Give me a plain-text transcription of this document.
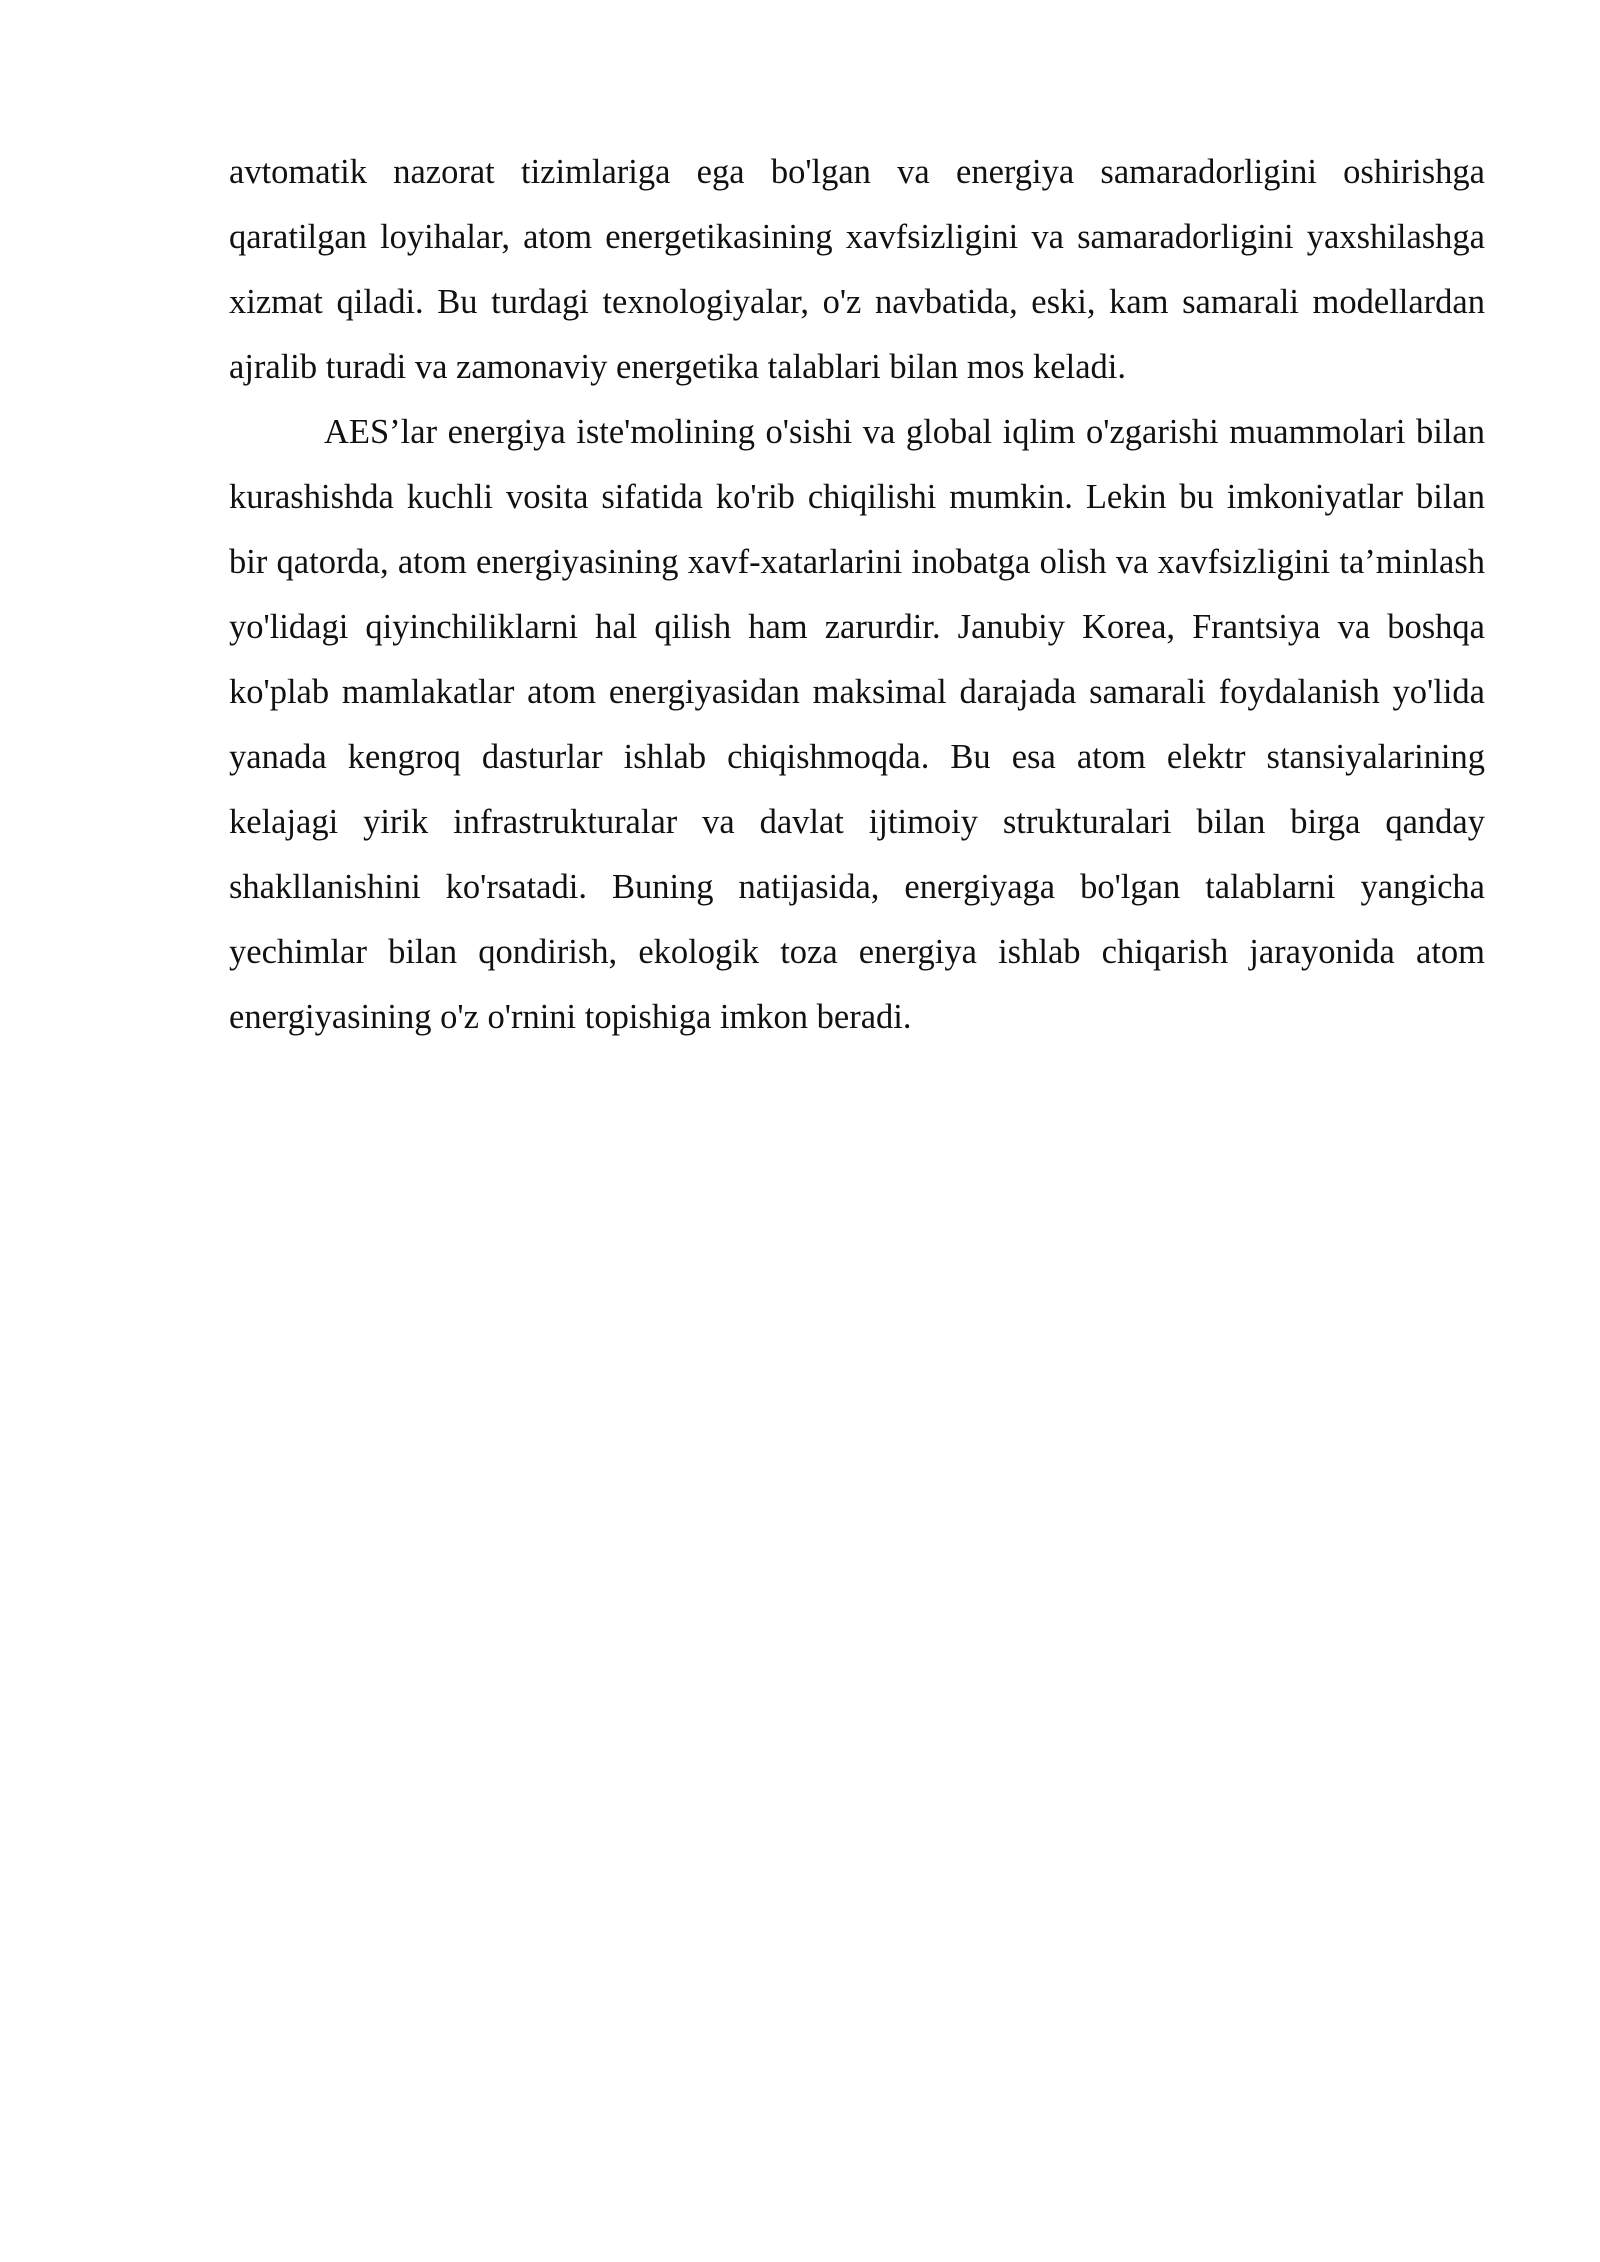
avtomatik nazorat tizimlariga ega bo'lgan va energiya samaradorligini oshirishga qaratilgan loyihalar, atom energetikasining xavfsizligini va samaradorligini yaxshilashga xizmat qiladi. Bu turdagi texnologiyalar, o'z navbatida, eski, kam samarali modellardan ajralib turadi va zamonaviy energetika talablari bilan mos keladi.

AES’lar energiya iste'molining o'sishi va global iqlim o'zgarishi muammolari bilan kurashishda kuchli vosita sifatida ko'rib chiqilishi mumkin. Lekin bu imkoniyatlar bilan bir qatorda, atom energiyasining xavf-xatarlarini inobatga olish va xavfsizligini ta’minlash yo'lidagi qiyinchiliklarni hal qilish ham zarurdir. Janubiy Korea, Frantsiya va boshqa ko'plab mamlakatlar atom energiyasidan maksimal darajada samarali foydalanish yo'lida yanada kengroq dasturlar ishlab chiqishmoqda. Bu esa atom elektr stansiyalarining kelajagi yirik infrastrukturalar va davlat ijtimoiy strukturalari bilan birga qanday shakllanishini ko'rsatadi. Buning natijasida, energiyaga bo'lgan talablarni yangicha yechimlar bilan qondirish, ekologik toza energiya ishlab chiqarish jarayonida atom energiyasining o'z o'rnini topishiga imkon beradi.
